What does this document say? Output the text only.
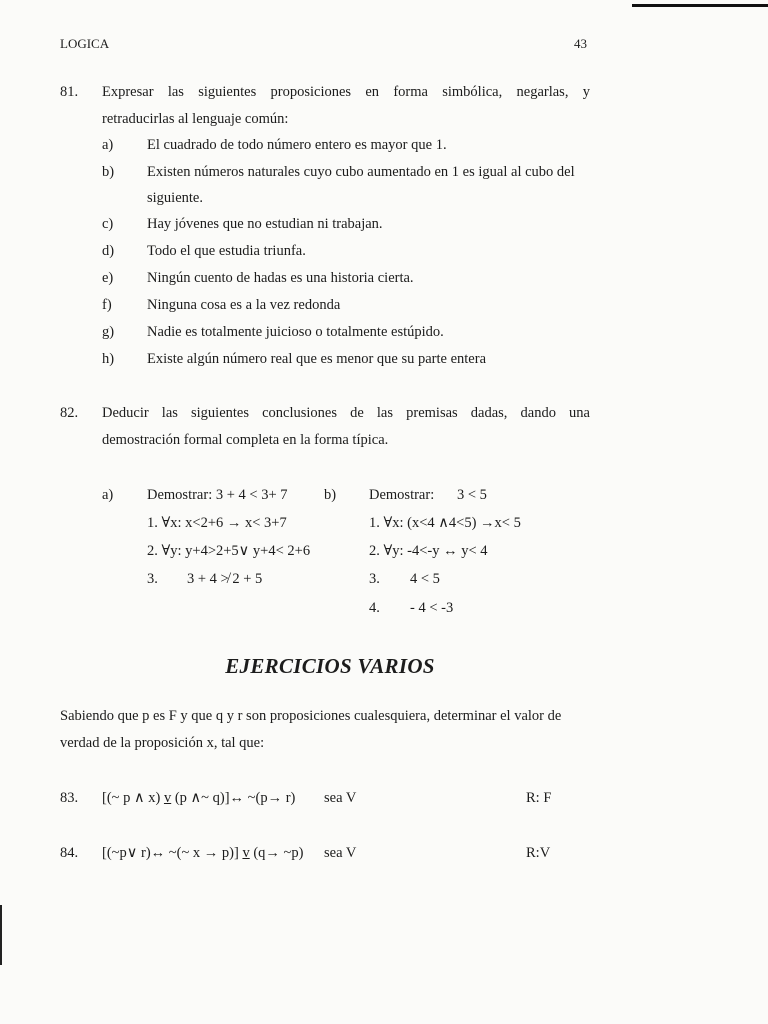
LOGICA	43
81. Expresar las siguientes proposiciones en forma simbólica, negarlas, y
retraducirlas al lenguaje común:
a) El cuadrado de todo número entero es mayor que 1.
b) Existen números naturales cuyo cubo aumentado en 1 es igual al cubo del
siguiente.
c) Hay jóvenes que no estudian ni trabajan.
d) Todo el que estudia triunfa.
e) Ningún cuento de hadas es una historia cierta.
f) Ninguna cosa es a la vez redonda
g) Nadie es totalmente juicioso o totalmente estúpido.
h) Existe algún número real que es menor que su parte entera
82. Deducir las siguientes conclusiones de las premisas dadas, dando una
demostración formal completa en la forma típica.
a) Demostrar: 3 + 4 < 3+ 7
1. ∀x: x<2+6 → x< 3+7
2. ∀y: y+4>2+5∨ y+4< 2+6
3. 3 + 4 ≯ 2 + 5
b) Demostrar: 3 < 5
1. ∀x: (x<4 ∧4<5) →x< 5
2. ∀y: -4<-y ↔ y< 4
3. 4 < 5
4. - 4 < -3
EJERCICIOS VARIOS
Sabiendo que p es F y que q y r son proposiciones cualesquiera, determinar el valor de
verdad de la proposición x, tal que:
83. [(~ p ∧ x) v (p ∧~ q)]↔ ~(p→ r) sea V	R: F
84. [(~p∨ r)↔ ~(~ x → p)] v (q→ ~p) sea V	R:V
